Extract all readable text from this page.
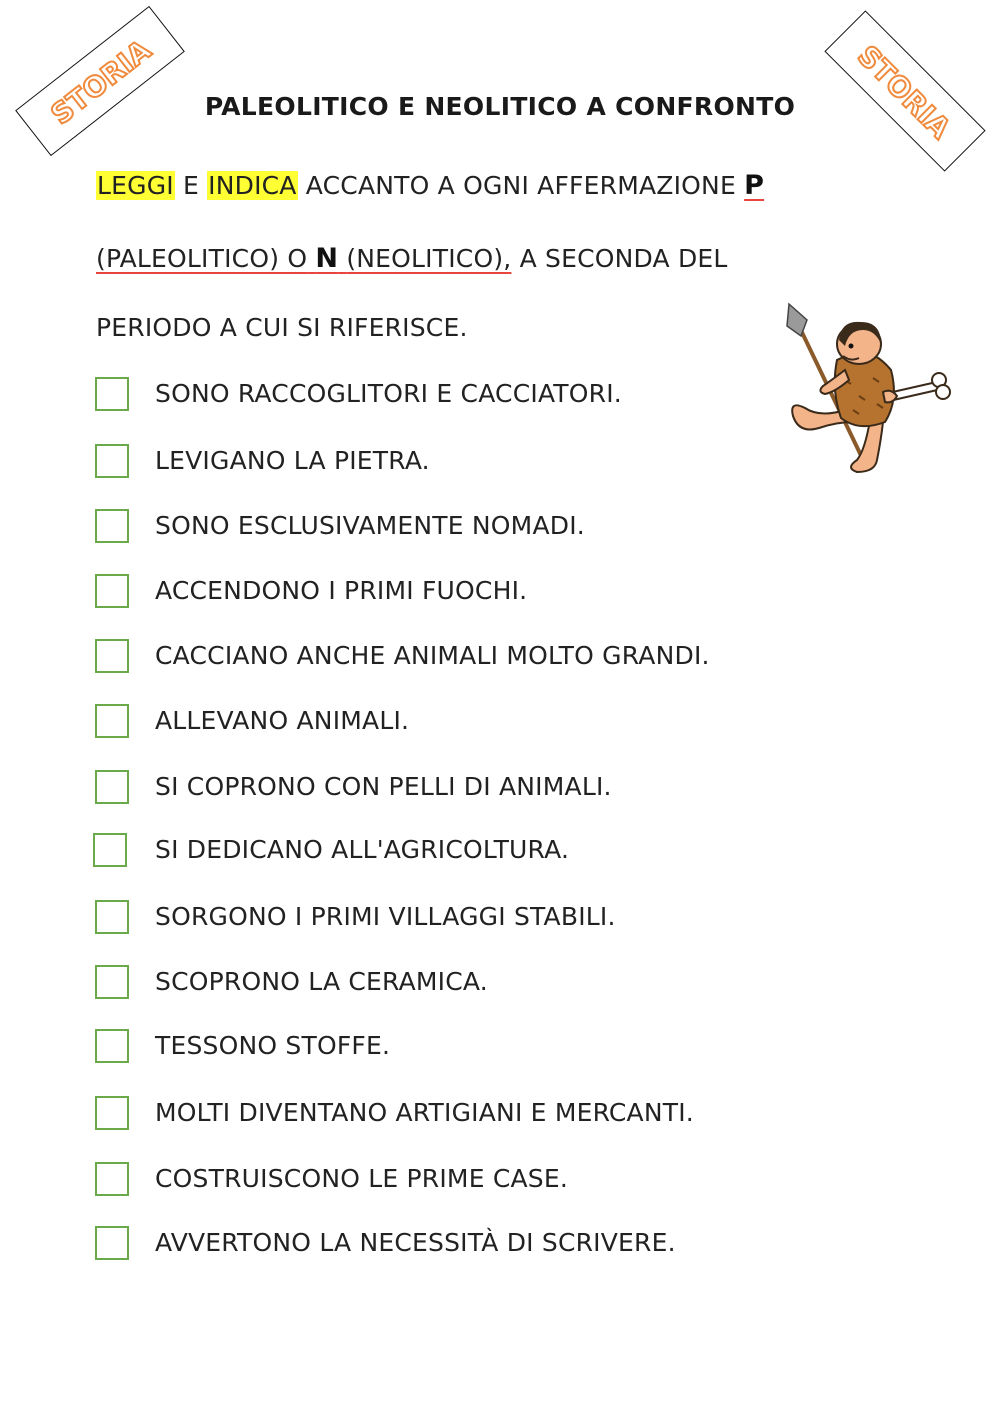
STORIA	STORIA
PALEOLITICO E NEOLITICO A CONFRONTO
LEGGI E INDICA ACCANTO A OGNI AFFERMAZIONE P
(PALEOLITICO) O N (NEOLITICO), A SECONDA DEL
PERIODO A CUI SI RIFERISCE.
SONO RACCOGLITORI E CACCIATORI.
LEVIGANO LA PIETRA.
SONO ESCLUSIVAMENTE NOMADI.
ACCENDONO I PRIMI FUOCHI.
CACCIANO ANCHE ANIMALI MOLTO GRANDI.
ALLEVANO ANIMALI.
SI COPRONO CON PELLI DI ANIMALI.
SI DEDICANO ALL'AGRICOLTURA.
SORGONO I PRIMI VILLAGGI STABILI.
SCOPRONO LA CERAMICA.
TESSONO STOFFE.
MOLTI DIVENTANO ARTIGIANI E MERCANTI.
COSTRUISCONO LE PRIME CASE.
AVVERTONO LA NECESSITÀ DI SCRIVERE.
